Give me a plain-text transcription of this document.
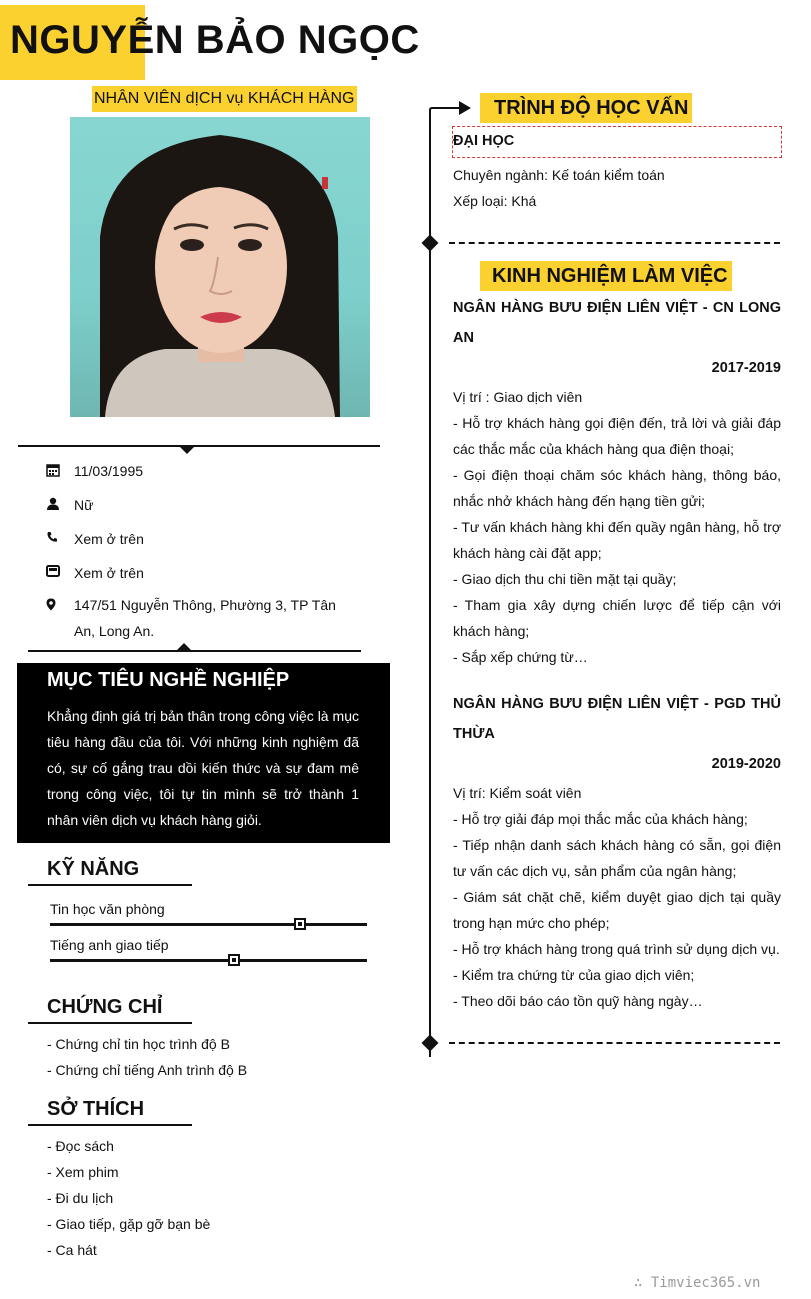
NGUYỄN BẢO NGỌC
NHÂN VIÊN dỊCH vụ KHÁCH HÀNG
11/03/1995
Nữ
Xem ở trên
Xem ở trên
147/51 Nguyễn Thông, Phường 3, TP Tân
An, Long An.
MỤC TIÊU NGHỀ NGHIỆP
Khẳng định giá trị bản thân trong công việc là mục tiêu hàng đầu của tôi. Với những kinh nghiệm đã có, sự cố gắng trau dồi kiến thức và sự đam mê trong công việc, tôi tự tin mình sẽ trở thành 1 nhân viên dịch vụ khách hàng giỏi.
KỸ NĂNG
Tin học văn phòng
Tiếng anh giao tiếp
CHỨNG CHỈ
- Chứng chỉ tin học trình độ B
- Chứng chỉ tiếng Anh trình độ B
SỞ THÍCH
- Đọc sách
- Xem phim
- Đi du lịch
- Giao tiếp, gặp gỡ bạn bè
- Ca hát
TRÌNH ĐỘ HỌC VẤN
ĐẠI HỌC
Chuyên ngành: Kế toán kiểm toán
Xếp loại: Khá
KINH NGHIỆM LÀM VIỆC
NGÂN HÀNG BƯU ĐIỆN LIÊN VIỆT - CN LONG AN
2017-2019
Vị trí : Giao dịch viên
- Hỗ trợ khách hàng gọi điện đến, trả lời và giải đáp các thắc mắc của khách hàng qua điện thoại;
- Gọi điện thoại chăm sóc khách hàng, thông báo, nhắc nhở khách hàng đến hạng tiền gửi;
- Tư vấn khách hàng khi đến quầy ngân hàng, hỗ trợ khách hàng cài đặt app;
- Giao dịch thu chi tiền mặt tại quầy;
- Tham gia xây dựng chiến lược để tiếp cận với khách hàng;
- Sắp xếp chứng từ…
NGÂN HÀNG BƯU ĐIỆN LIÊN VIỆT - PGD THỦ THỪA
2019-2020
Vị trí: Kiểm soát viên
- Hỗ trợ giải đáp mọi thắc mắc của khách hàng;
- Tiếp nhận danh sách khách hàng có sẵn, gọi điện tư vấn các dịch vụ, sản phẩm của ngân hàng;
- Giám sát chặt chẽ, kiểm duyệt giao dịch tại quầy trong hạn mức cho phép;
- Hỗ trợ khách hàng trong quá trình sử dụng dịch vụ.
- Kiểm tra chứng từ của giao dịch viên;
- Theo dõi báo cáo tồn quỹ hàng ngày…
∴ Timviec365.vn
